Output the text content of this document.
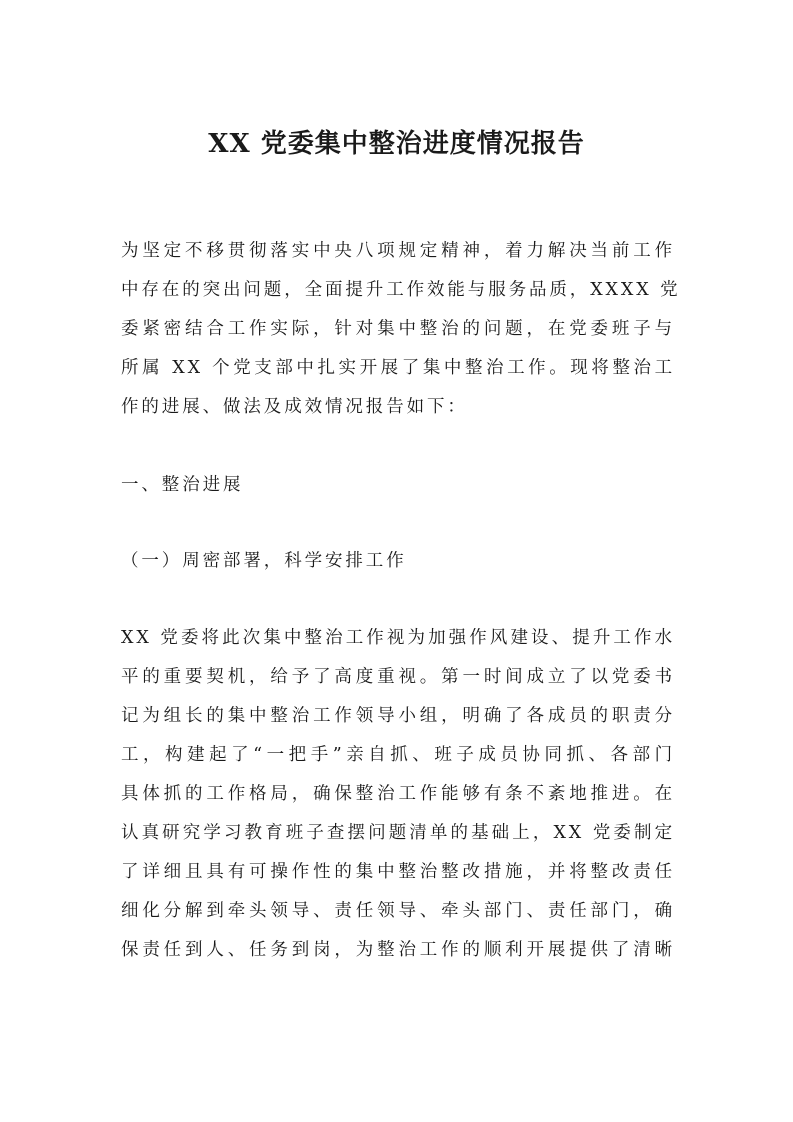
XX 党委集中整治进度情况报告
为坚定不移贯彻落实中央八项规定精神，着力解决当前工作
中存在的突出问题，全面提升工作效能与服务品质，XXXX 党
委紧密结合工作实际，针对集中整治的问题，在党委班子与
所属 XX 个党支部中扎实开展了集中整治工作。现将整治工
作的进展、做法及成效情况报告如下：

一、整治进展

（一）周密部署，科学安排工作

XX 党委将此次集中整治工作视为加强作风建设、提升工作水
平的重要契机，给予了高度重视。第一时间成立了以党委书
记为组长的集中整治工作领导小组，明确了各成员的职责分
工，构建起了“一把手”亲自抓、班子成员协同抓、各部门
具体抓的工作格局，确保整治工作能够有条不紊地推进。在
认真研究学习教育班子查摆问题清单的基础上，XX 党委制定
了详细且具有可操作性的集中整治整改措施，并将整改责任
细化分解到牵头领导、责任领导、牵头部门、责任部门，确
保责任到人、任务到岗，为整治工作的顺利开展提供了清晰
